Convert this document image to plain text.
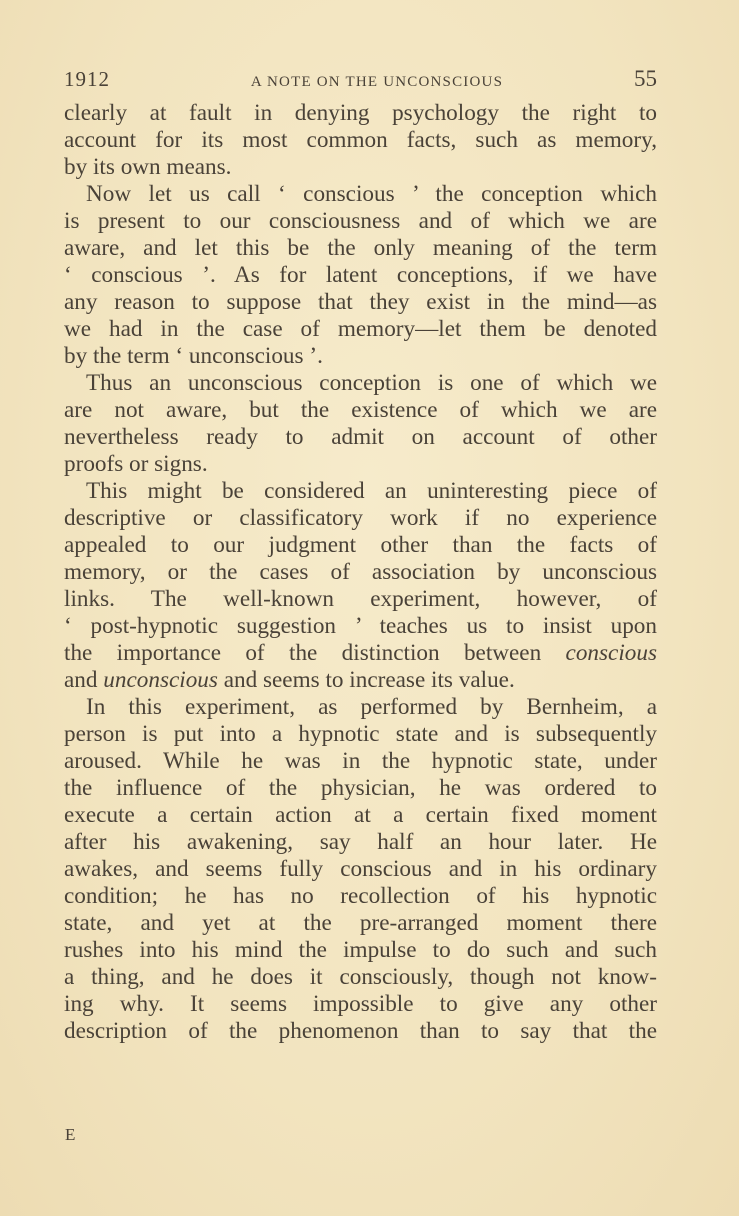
1912	A NOTE ON THE UNCONSCIOUS	55

clearly at fault in denying psychology the right to
account for its most common facts, such as memory,
by its own means.

Now let us call ‘ conscious ’ the conception which
is present to our consciousness and of which we are
aware, and let this be the only meaning of the term
‘ conscious ’. As for latent conceptions, if we have
any reason to suppose that they exist in the mind—as
we had in the case of memory—let them be denoted
by the term ‘ unconscious ’.

Thus an unconscious conception is one of which we
are not aware, but the existence of which we are
nevertheless ready to admit on account of other
proofs or signs.

This might be considered an uninteresting piece of
descriptive or classificatory work if no experience
appealed to our judgment other than the facts of
memory, or the cases of association by unconscious
links. The well-known experiment, however, of
‘ post-hypnotic suggestion ’ teaches us to insist upon
the importance of the distinction between conscious
and unconscious and seems to increase its value.

In this experiment, as performed by Bernheim, a
person is put into a hypnotic state and is subsequently
aroused. While he was in the hypnotic state, under
the influence of the physician, he was ordered to
execute a certain action at a certain fixed moment
after his awakening, say half an hour later. He
awakes, and seems fully conscious and in his ordinary
condition; he has no recollection of his hypnotic
state, and yet at the pre-arranged moment there
rushes into his mind the impulse to do such and such
a thing, and he does it consciously, though not know-
ing why. It seems impossible to give any other
description of the phenomenon than to say that the

E
